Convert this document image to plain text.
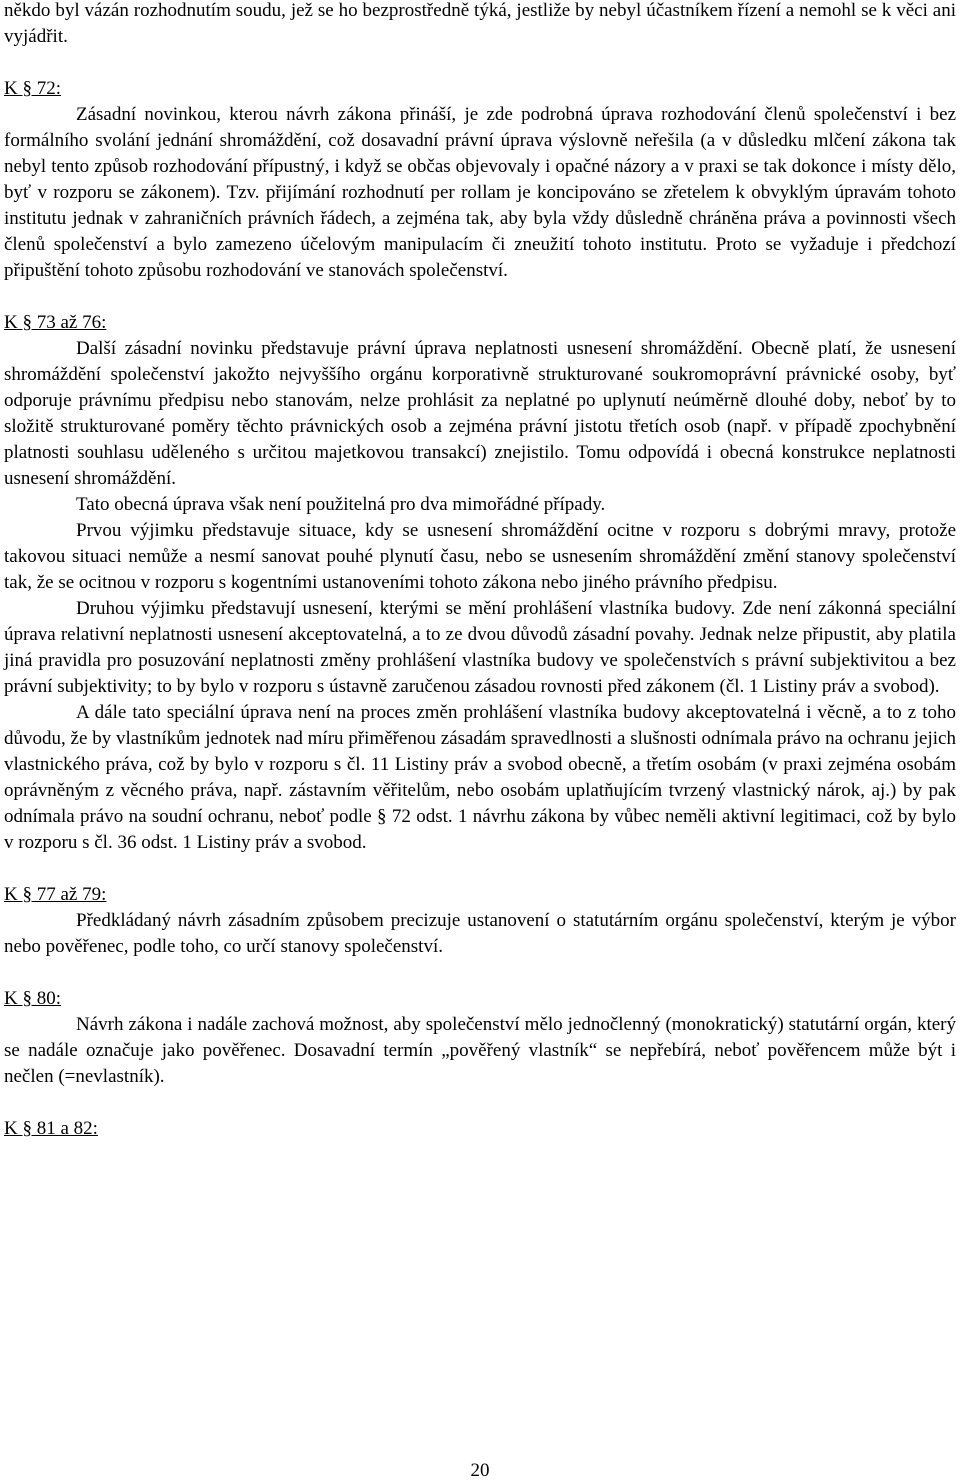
někdo byl vázán rozhodnutím soudu, jež se ho bezprostředně týká, jestliže by nebyl účastníkem řízení a nemohl se k věci ani vyjádřit.

K § 72:

Zásadní novinkou, kterou návrh zákona přináší, je zde podrobná úprava rozhodování členů společenství i bez formálního svolání jednání shromáždění, což dosavadní právní úprava výslovně neřešila (a v důsledku mlčení zákona tak nebyl tento způsob rozhodování přípustný, i když se občas objevovaly i opačné názory a v praxi se tak dokonce i místy dělo, byť v rozporu se zákonem). Tzv. přijímání rozhodnutí per rollam je koncipováno se zřetelem k obvyklým úpravám tohoto institutu jednak v zahraničních právních řádech, a zejména tak, aby byla vždy důsledně chráněna práva a povinnosti všech členů společenství a bylo zamezeno účelovým manipulacím či zneužití tohoto institutu. Proto se vyžaduje i předchozí připuštění tohoto způsobu rozhodování ve stanovách společenství.

K § 73 až 76:

Další zásadní novinku představuje právní úprava neplatnosti usnesení shromáždění. Obecně platí, že usnesení shromáždění společenství jakožto nejvyššího orgánu korporativně strukturované soukromoprávní právnické osoby, byť odporuje právnímu předpisu nebo stanovám, nelze prohlásit za neplatné po uplynutí neúměrně dlouhé doby, neboť by to složitě strukturované poměry těchto právnických osob a zejména právní jistotu třetích osob (např. v případě zpochybnění platnosti souhlasu uděleného s určitou majetkovou transakcí) znejistilo. Tomu odpovídá i obecná konstrukce neplatnosti usnesení shromáždění.

Tato obecná úprava však není použitelná pro dva mimořádné případy.

Prvou výjimku představuje situace, kdy se usnesení shromáždění ocitne v rozporu s dobrými mravy, protože takovou situaci nemůže a nesmí sanovat pouhé plynutí času, nebo se usnesením shromáždění změní stanovy společenství tak, že se ocitnou v rozporu s kogentními ustanoveními tohoto zákona nebo jiného právního předpisu.

Druhou výjimku představují usnesení, kterými se mění prohlášení vlastníka budovy. Zde není zákonná speciální úprava relativní neplatnosti usnesení akceptovatelná, a to ze dvou důvodů zásadní povahy. Jednak nelze připustit, aby platila jiná pravidla pro posuzování neplatnosti změny prohlášení vlastníka budovy ve společenstvích s právní subjektivitou a bez právní subjektivity; to by bylo v rozporu s ústavně zaručenou zásadou rovnosti před zákonem (čl. 1 Listiny práv a svobod).

A dále tato speciální úprava není na proces změn prohlášení vlastníka budovy akceptovatelná i věcně, a to z toho důvodu, že by vlastníkům jednotek nad míru přiměřenou zásadám spravedlnosti a slušnosti odnímala právo na ochranu jejich vlastnického práva, což by bylo v rozporu s čl. 11 Listiny práv a svobod obecně, a třetím osobám (v praxi zejména osobám oprávněným z věcného práva, např. zástavním věřitelům, nebo osobám uplatňujícím tvrzený vlastnický nárok, aj.) by pak odnímala právo na soudní ochranu, neboť podle § 72 odst. 1 návrhu zákona by vůbec neměli aktivní legitimaci, což by bylo v rozporu s čl. 36 odst. 1 Listiny práv a svobod.

K § 77 až 79:

Předkládaný návrh zásadním způsobem precizuje ustanovení o statutárním orgánu společenství, kterým je výbor nebo pověřenec, podle toho, co určí stanovy společenství.

K § 80:

Návrh zákona i nadále zachová možnost, aby společenství mělo jednočlenný (monokratický) statutární orgán, který se nadále označuje jako pověřenec. Dosavadní termín „pověřený vlastník“ se nepřebírá, neboť pověřencem může být i nečlen (=nevlastník).

K § 81 a 82:

20
